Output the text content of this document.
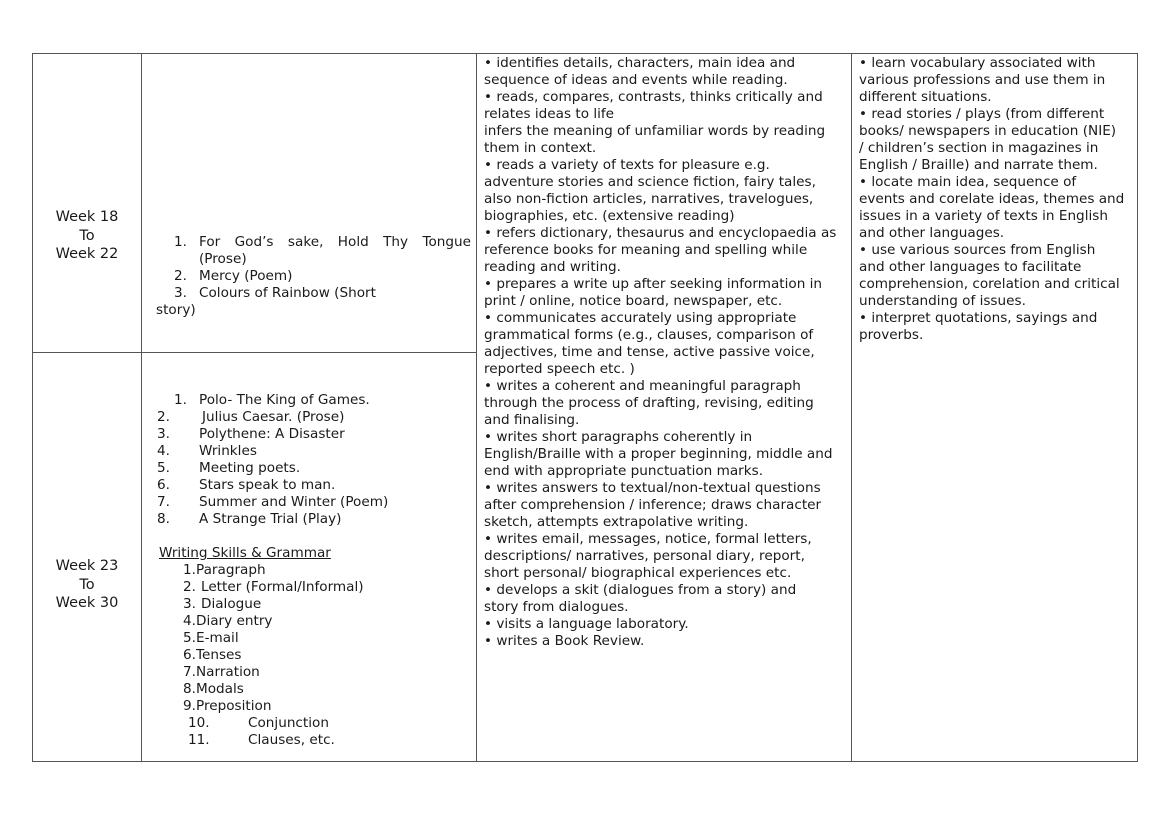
Week 18
To
Week 22
1. For God’s sake, Hold Thy Tongue
(Prose)
2. Mercy (Poem)
3. Colours of Rainbow (Short
story)
Week 23
To
Week 30
1. Polo- The King of Games.
2. Julius Caesar. (Prose)
3. Polythene: A Disaster
4. Wrinkles
5. Meeting poets.
6. Stars speak to man.
7. Summer and Winter (Poem)
8. A Strange Trial (Play)
Writing Skills & Grammar
1. Paragraph
2. Letter (Formal/Informal)
3. Dialogue
4. Diary entry
5. E-mail
6. Tenses
7. Narration
8. Modals
9. Preposition
10.	Conjunction
11.	Clauses, etc.
• identifies details, characters, main idea and
sequence of ideas and events while reading.
• reads, compares, contrasts, thinks critically and
relates ideas to life
infers the meaning of unfamiliar words by reading
them in context.
• reads a variety of texts for pleasure e.g.
adventure stories and science fiction, fairy tales,
also non-fiction articles, narratives, travelogues,
biographies, etc. (extensive reading)
• refers dictionary, thesaurus and encyclopaedia as
reference books for meaning and spelling while
reading and writing.
• prepares a write up after seeking information in
print / online, notice board, newspaper, etc.
• communicates accurately using appropriate
grammatical forms (e.g., clauses, comparison of
adjectives, time and tense, active passive voice,
reported speech etc. )
• writes a coherent and meaningful paragraph
through the process of drafting, revising, editing
and finalising.
• writes short paragraphs coherently in
English/Braille with a proper beginning, middle and
end with appropriate punctuation marks.
• writes answers to textual/non-textual questions
after comprehension / inference; draws character
sketch, attempts extrapolative writing.
• writes email, messages, notice, formal letters,
descriptions/ narratives, personal diary, report,
short personal/ biographical experiences etc.
• develops a skit (dialogues from a story) and
story from dialogues.
• visits a language laboratory.
• writes a Book Review.
• learn vocabulary associated with
various professions and use them in
different situations.
• read stories / plays (from different
books/ newspapers in education (NIE)
/ children’s section in magazines in
English / Braille) and narrate them.
• locate main idea, sequence of
events and corelate ideas, themes and
issues in a variety of texts in English
and other languages.
• use various sources from English
and other languages to facilitate
comprehension, corelation and critical
understanding of issues.
• interpret quotations, sayings and
proverbs.
